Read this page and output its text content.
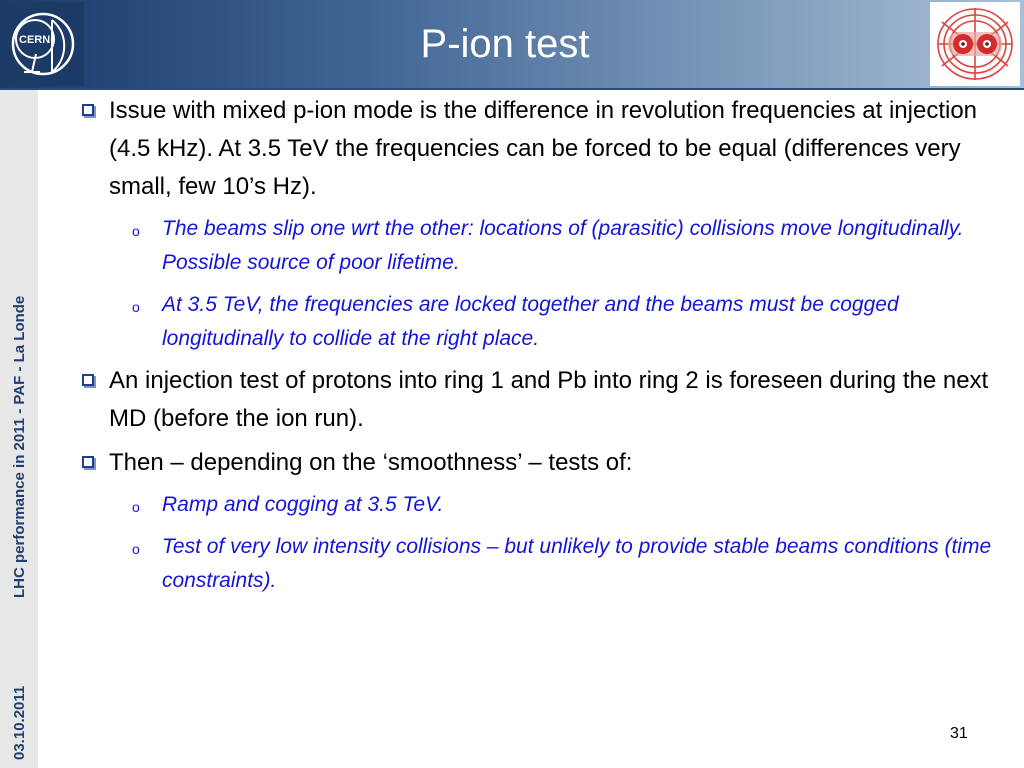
CERN
LHC
P-ion test
LHC performance in 2011 - PAF - La Londe
03.10.2011

Issue with mixed p-ion mode is the difference in revolution frequencies at injection (4.5 kHz). At 3.5 TeV the frequencies can be forced to be equal (differences very small, few 10’s Hz).

o The beams slip one wrt the other: locations of (parasitic) collisions move longitudinally. Possible source of poor lifetime.

o At 3.5 TeV, the frequencies are locked together and the beams must be cogged longitudinally to collide at the right place.

An injection test of protons into ring 1 and Pb into ring 2 is foreseen during the next MD (before the ion run).

Then – depending on the ‘smoothness’ – tests of:

o Ramp and cogging at 3.5 TeV.

o Test of very low intensity collisions – but unlikely to provide stable beams conditions (time constraints).

31
